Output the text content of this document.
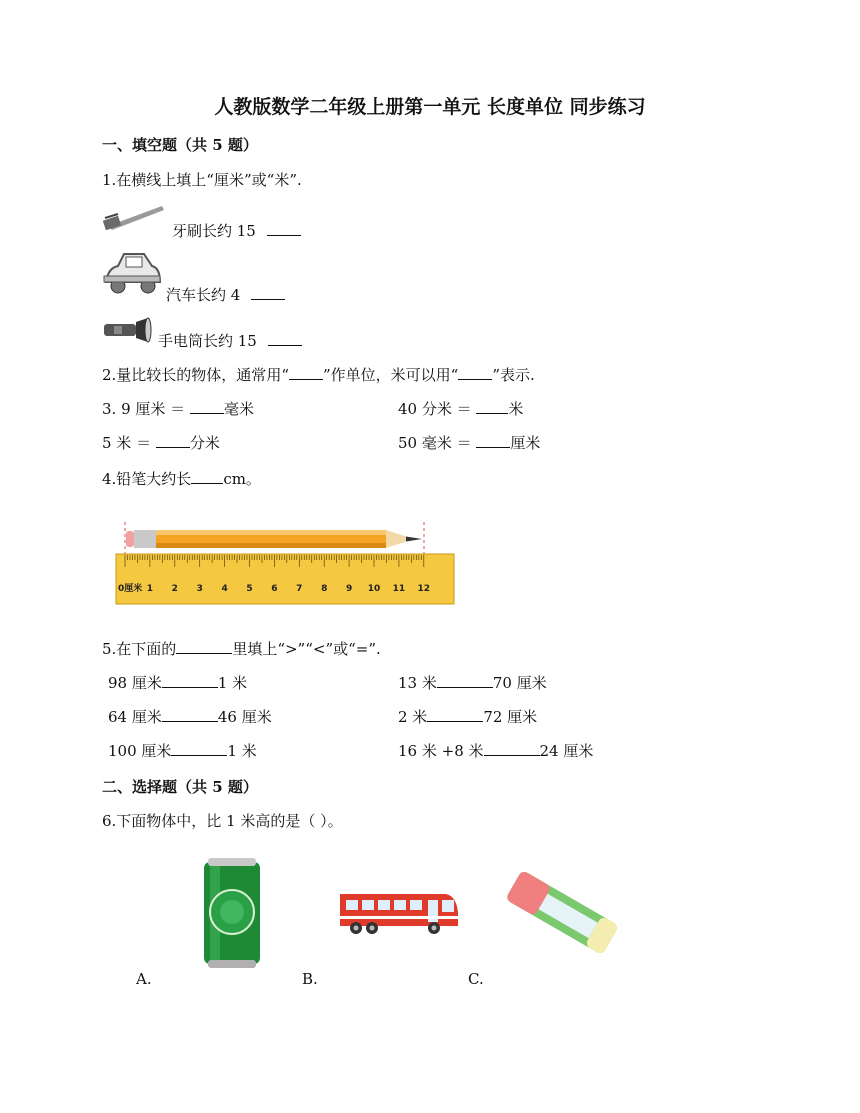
人教版数学二年级上册第一单元 长度单位 同步练习
一、填空题（共 5 题）
1.在横线上填上“厘米”或“米”.
牙刷长约 15
汽车长约 4
手电筒长约 15
2.量比较长的物体，通常用“ ”作单位，米可以用“ ”表示.
3. 9 厘米 ＝ 毫米	40 分米 ＝ 米
5 米 ＝ 分米	50 毫米 ＝ 厘米
4.铅笔大约长 cm。
0厘米 1 2 3 4 5 6 7 8 9 10 11 12
5.在下面的	里填上“>”“<”或“=”.
98 厘米	1 米	13 米	70 厘米
64 厘米	46 厘米	2 米	72 厘米
100 厘米	1 米	16 米 +8 米	24 厘米
二、选择题（共 5 题）
6.下面物体中，比 1 米高的是（ ）。
A.	B.	C.
